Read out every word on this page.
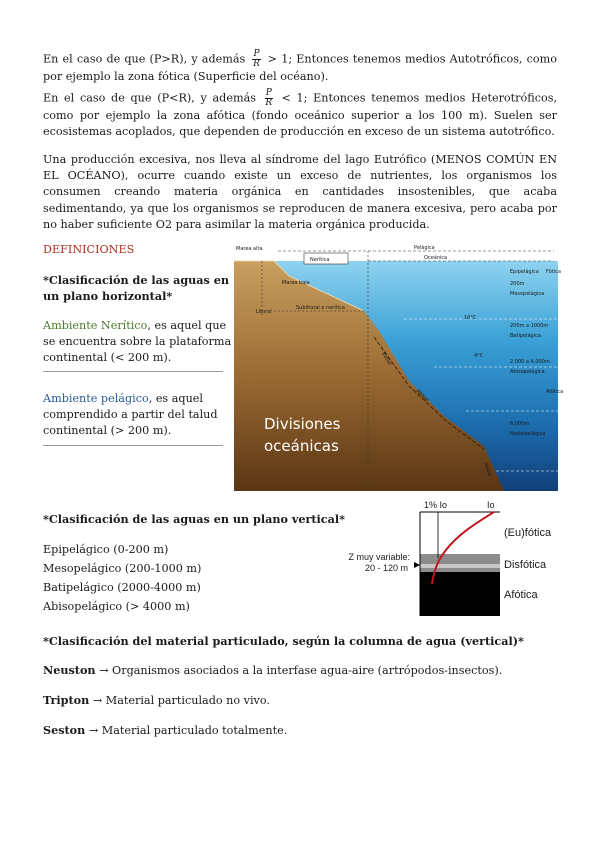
En el caso de que (P>R), y además $\frac{P}{R} > 1$; Entonces tenemos medios Autotróficos, como por ejemplo la zona fótica (Superficie del océano).

En el caso de que (P<R), y además $\frac{P}{R} < 1$; Entonces tenemos medios Heterotróficos, como por ejemplo la zona afótica (fondo oceánico superior a los 100 m). Suelen ser ecosistemas acoplados, que dependen de producción en exceso de un sistema autotrófico.

Una producción excesiva, nos lleva al síndrome del lago Eutrófico (MENOS COMÚN EN EL OCÉANO), ocurre cuando existe un exceso de nutrientes, los organismos los consumen creando materia orgánica en cantidades insostenibles, que acaba sedimentando, ya que los organismos se reproducen de manera excesiva, pero acaba por no haber suficiente O2 para asimilar la materia orgánica producida.

DEFINICIONES

*Clasificación de las aguas en un plano horizontal*

Ambiente Nerítico, es aquel que se encuentra sobre la plataforma continental (< 200 m).

Ambiente pelágico, es aquel comprendido a partir del talud continental (> 200 m).

Marea alta
Marea baja
Litoral
Sublitoral o nerítica
Nerítica
Pelágica
Oceánica
Epipelágica Fótica
200m
Mesopelágica
10°C
200m a 1000m
Batipelágica
4°C
2,000 a 4,000m
Abisopelágica
Afótica
6,000m
Hadalpelágica
Batial
Abisal
Hadal
Divisiones
oceánicas

*Clasificación de las aguas en un plano vertical*

Epipelágico (0-200 m)

Mesopelágico (200-1000 m)

Batipelágico (2000-4000 m)

Abisopelágico (> 4000 m)

1% Io	Io
(Eu)fótica
Disfótica
Afótica
Z muy variable:
20 - 120 m

*Clasificación del material particulado, según la columna de agua (vertical)*

Neuston → Organismos asociados a la interfase agua-aire (artrópodos-insectos).

Tripton → Material particulado no vivo.

Seston → Material particulado totalmente.
